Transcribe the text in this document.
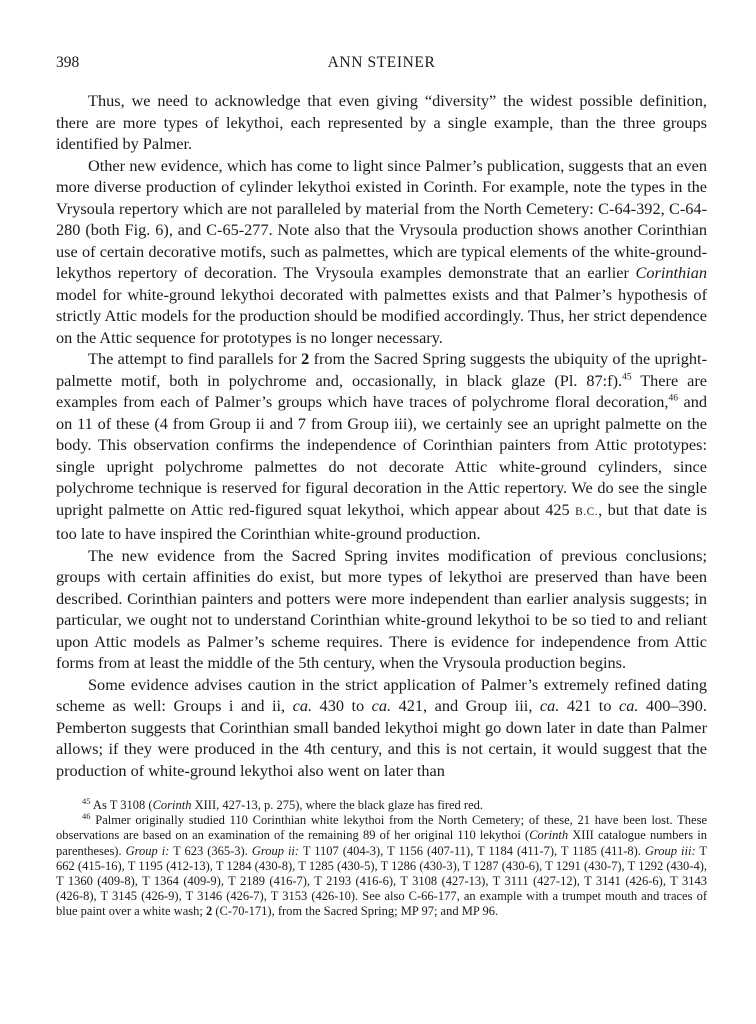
398	ANN STEINER

Thus, we need to acknowledge that even giving “diversity” the widest possible definition, there are more types of lekythoi, each represented by a single example, than the three groups identified by Palmer.

Other new evidence, which has come to light since Palmer’s publication, suggests that an even more diverse production of cylinder lekythoi existed in Corinth. For example, note the types in the Vrysoula repertory which are not paralleled by material from the North Cemetery: C-64-392, C-64-280 (both Fig. 6), and C-65-277. Note also that the Vrysoula production shows another Corinthian use of certain decorative motifs, such as palmettes, which are typical elements of the white-ground-lekythos repertory of decoration. The Vrysoula examples demonstrate that an earlier Corinthian model for white-ground lekythoi decorated with palmettes exists and that Palmer’s hypothesis of strictly Attic models for the production should be modified accordingly. Thus, her strict dependence on the Attic sequence for prototypes is no longer necessary.

The attempt to find parallels for 2 from the Sacred Spring suggests the ubiquity of the upright-palmette motif, both in polychrome and, occasionally, in black glaze (Pl. 87:f).$^{45}$ There are examples from each of Palmer’s groups which have traces of polychrome floral decoration,$^{46}$ and on 11 of these (4 from Group ii and 7 from Group iii), we certainly see an upright palmette on the body. This observation confirms the independence of Corinthian painters from Attic prototypes: single upright polychrome palmettes do not decorate Attic white-ground cylinders, since polychrome technique is reserved for figural decoration in the Attic repertory. We do see the single upright palmette on Attic red-figured squat lekythoi, which appear about 425 B.C., but that date is too late to have inspired the Corinthian white-ground production.

The new evidence from the Sacred Spring invites modification of previous conclusions; groups with certain affinities do exist, but more types of lekythoi are preserved than have been described. Corinthian painters and potters were more independent than earlier analysis suggests; in particular, we ought not to understand Corinthian white-ground lekythoi to be so tied to and reliant upon Attic models as Palmer’s scheme requires. There is evidence for independence from Attic forms from at least the middle of the 5th century, when the Vrysoula production begins.

Some evidence advises caution in the strict application of Palmer’s extremely refined dating scheme as well: Groups i and ii, ca. 430 to ca. 421, and Group iii, ca. 421 to ca. 400–390. Pemberton suggests that Corinthian small banded lekythoi might go down later in date than Palmer allows; if they were produced in the 4th century, and this is not certain, it would suggest that the production of white-ground lekythoi also went on later than

$^{45}$ As T 3108 (Corinth XIII, 427-13, p. 275), where the black glaze has fired red.

$^{46}$ Palmer originally studied 110 Corinthian white lekythoi from the North Cemetery; of these, 21 have been lost. These observations are based on an examination of the remaining 89 of her original 110 lekythoi (Corinth XIII catalogue numbers in parentheses). Group i: T 623 (365-3). Group ii: T 1107 (404-3), T 1156 (407-11), T 1184 (411-7), T 1185 (411-8). Group iii: T 662 (415-16), T 1195 (412-13), T 1284 (430-8), T 1285 (430-5), T 1286 (430-3), T 1287 (430-6), T 1291 (430-7), T 1292 (430-4), T 1360 (409-8), T 1364 (409-9), T 2189 (416-7), T 2193 (416-6), T 3108 (427-13), T 3111 (427-12), T 3141 (426-6), T 3143 (426-8), T 3145 (426-9), T 3146 (426-7), T 3153 (426-10). See also C-66-177, an example with a trumpet mouth and traces of blue paint over a white wash; 2 (C-70-171), from the Sacred Spring; MP 97; and MP 96.
